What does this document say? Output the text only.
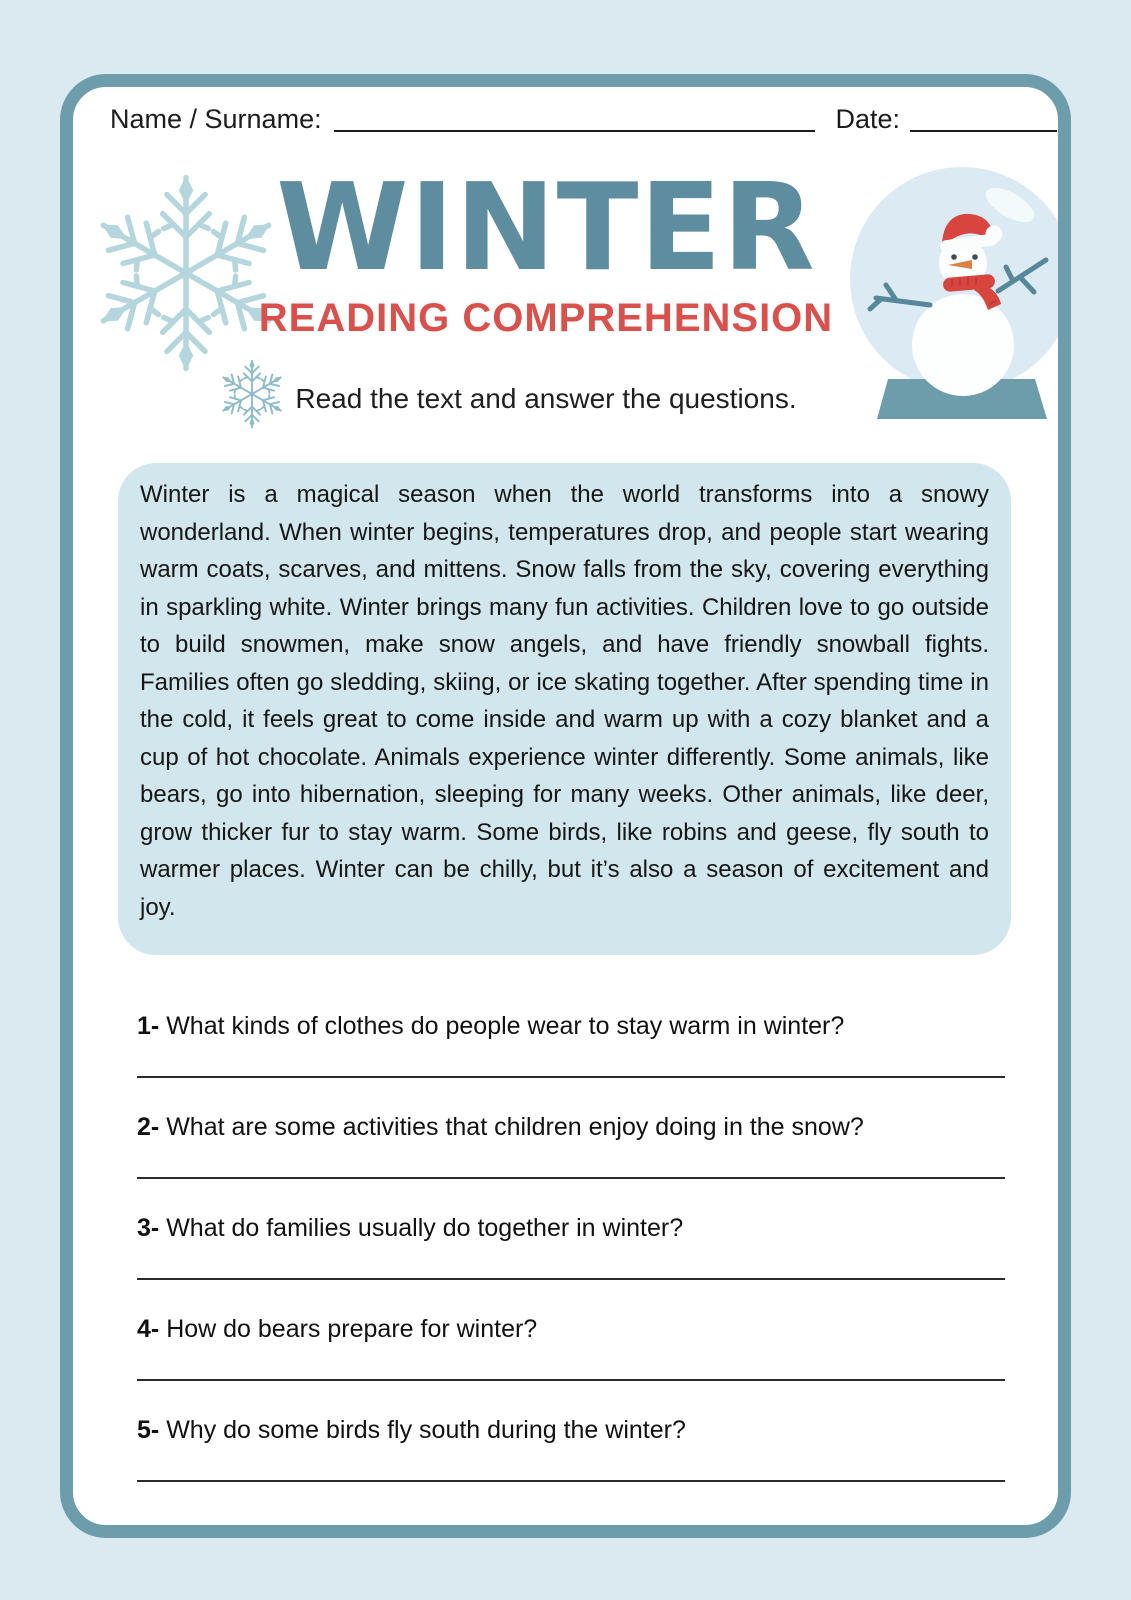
Name / Surname:	Date:
WINTER
READING COMPREHENSION

Read the text and answer the questions.

Winter is a magical season when the world transforms into a snowy wonderland. When winter begins, temperatures drop, and people start wearing warm coats, scarves, and mittens. Snow falls from the sky, covering everything in sparkling white. Winter brings many fun activities. Children love to go outside to build snowmen, make snow angels, and have friendly snowball fights. Families often go sledding, skiing, or ice skating together. After spending time in the cold, it feels great to come inside and warm up with a cozy blanket and a cup of hot chocolate. Animals experience winter differently. Some animals, like bears, go into hibernation, sleeping for many weeks. Other animals, like deer, grow thicker fur to stay warm. Some birds, like robins and geese, fly south to warmer places. Winter can be chilly, but it’s also a season of excitement and joy.

1- What kinds of clothes do people wear to stay warm in winter?

2- What are some activities that children enjoy doing in the snow?

3- What do families usually do together in winter?

4- How do bears prepare for winter?

5- Why do some birds fly south during the winter?
